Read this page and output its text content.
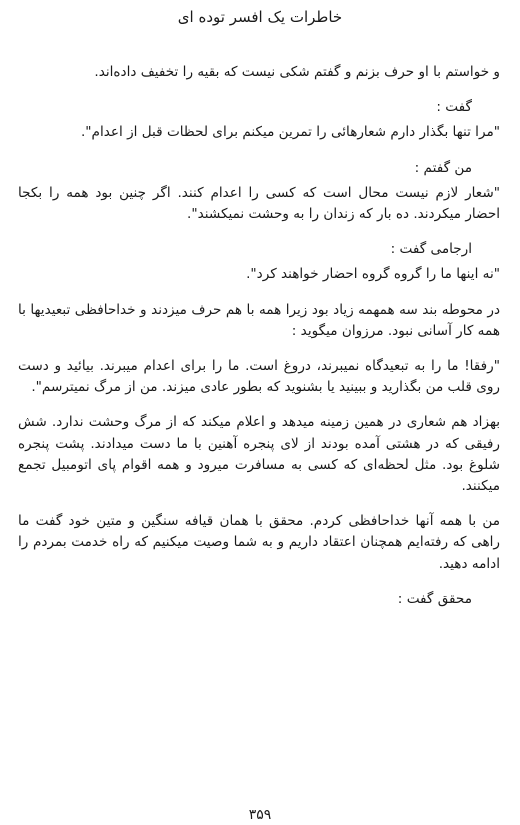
خاطرات یک افسر توده ای

و خواستم با او حرف بزنم و گفتم شکی نیست که بقیه را تخفیف داده‌اند.

گفت :

"مرا تنها بگذار دارم شعارهائی را تمرین میکنم برای لحظات قبل از اعدام".

من گفتم :

"شعار لازم نیست محال است که کسی را اعدام کنند. اگر چنین بود همه را بکجا احضار میکردند. ده بار که زندان را به وحشت نمیکشند".

ارجامی گفت :

"نه اینها ما را گروه گروه احضار خواهند کرد".

در محوطه بند سه همهمه زیاد بود زیرا همه با هم حرف میزدند و خداحافظی تبعیدیها با همه کار آسانی نبود. مرزوان میگوید :

"رفقا! ما را به تبعیدگاه نمیبرند، دروغ است. ما را برای اعدام میبرند. بیائید و دست روی قلب من بگذارید و ببینید یا بشنوید که بطور عادی میزند. من از مرگ نمیترسم".

بهزاد هم شعاری در همین زمینه میدهد و اعلام میکند که از مرگ وحشت ندارد. شش رفیقی که در هشتی آمده بودند از لای پنجره آهنین با ما دست میدادند. پشت پنجره شلوغ بود. مثل لحظه‌ای که کسی به مسافرت میرود و همه اقوام پای اتومبیل تجمع میکنند.

من با همه آنها خداحافظی کردم. محقق با همان قیافه سنگین و متین خود گفت ما راهی که رفته‌ایم همچنان اعتقاد داریم و به شما وصیت میکنیم که راه خدمت بمردم را ادامه دهید.

محقق گفت :

۳۵۹
